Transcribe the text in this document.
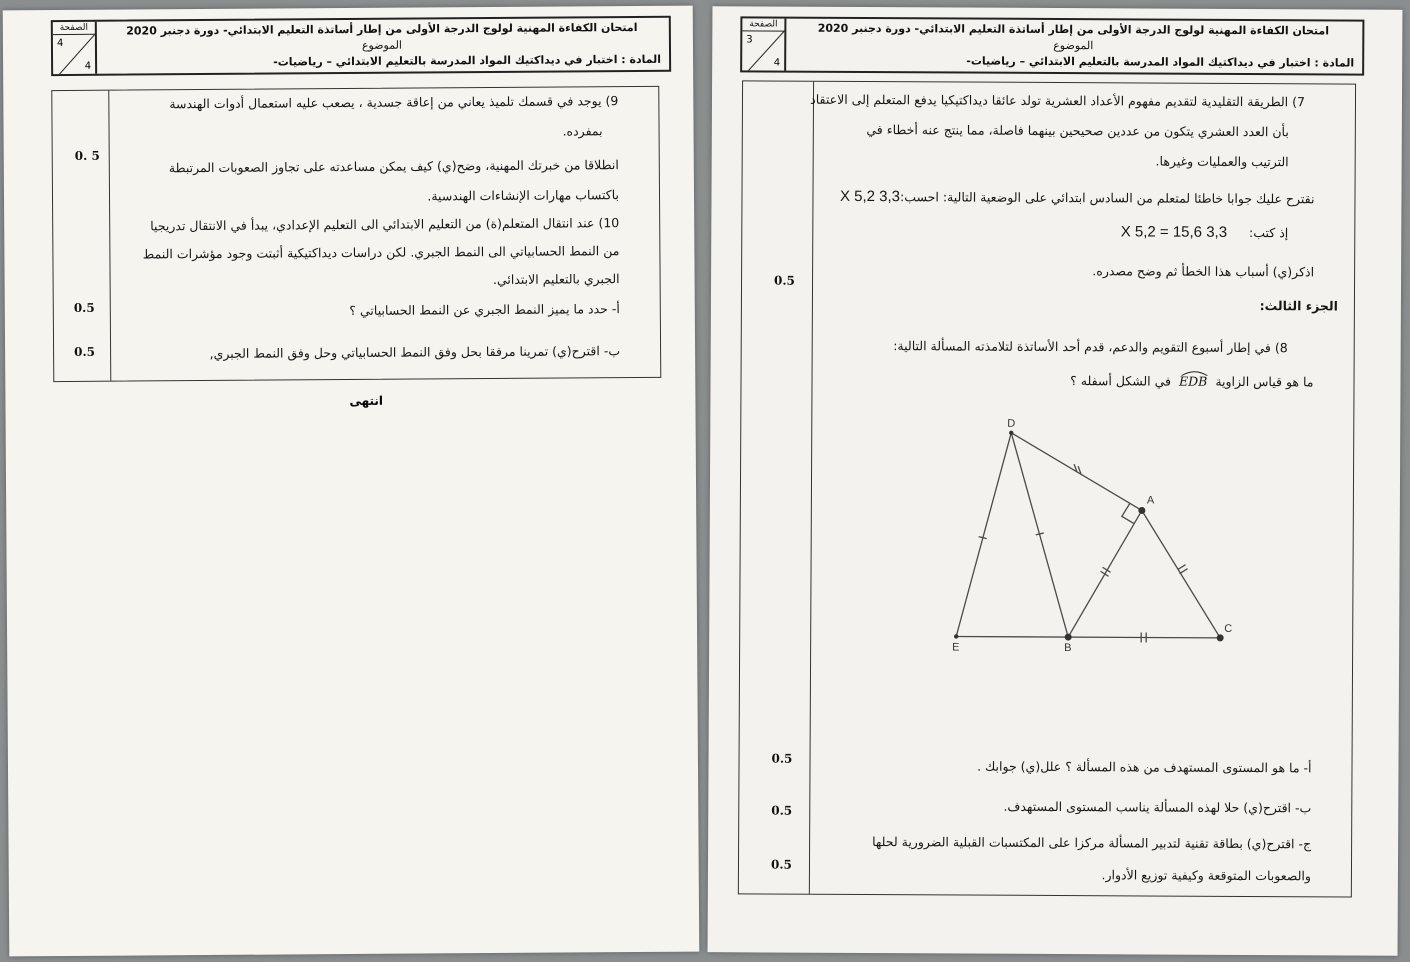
الصفحة
4
4
امتحان الكفاءة المهنية لولوج الدرجة الأولى من إطار أساتذة التعليم الابتدائي- دورة دجنبر 2020
الموضوع
المادة : اختبار في ديداكتيك المواد المدرسة بالتعليم الابتدائي – رياضيات-
0. 5
0.5
0.5
9) يوجد في قسمك تلميذ يعاني من إعاقة جسدية ، يصعب عليه استعمال أدوات الهندسة
بمفرده.
انطلاقا من خبرتك المهنية، وضح(ي) كيف يمكن مساعدته على تجاوز الصعوبات المرتبطة
باكتساب مهارات الإنشاءات الهندسية.
10) عند انتقال المتعلم(ة) من التعليم الابتدائي الى التعليم الإعدادي، يبدأ في الانتقال تدريجيا
من النمط الحسابياتي الى النمط الجبري. لكن دراسات ديداكتيكية أثبتت وجود مؤشرات النمط
الجبري بالتعليم الابتدائي.
أ- حدد ما يميز النمط الجبري عن النمط الحسابياتي ؟
ب- اقترح(ي) تمرينا مرفقا بحل وفق النمط الحسابياتي وحل وفق النمط الجبري,
انتهى
الصفحة
3
4
امتحان الكفاءة المهنية لولوج الدرجة الأولى من إطار أساتذة التعليم الابتدائي- دورة دجنبر 2020
الموضوع
المادة : اختبار في ديداكتيك المواد المدرسة بالتعليم الابتدائي – رياضيات-
0.5
0.5
0.5
0.5
7) الطريقة التقليدية لتقديم مفهوم الأعداد العشرية تولد عائقا ديداكتيكيا يدفع المتعلم إلى الاعتقاد
بأن العدد العشري يتكون من عددين صحيحين بينهما فاصلة، مما ينتج عنه أخطاء في
الترتيب والعمليات وغيرها.
نقترح عليك جوابا خاطئا لمتعلم من السادس ابتدائي على الوضعية التالية: احسب:3,3 X 5,2
إذ كتب: 3,3 X 5,2 = 15,6
اذكر(ي) أسباب هذا الخطأ ثم وضح مصدره.
الجزء الثالث:
8) في إطار أسبوع التقويم والدعم، قدم أحد الأساتذة لتلامذته المسألة التالية:
ما هو قياس الزاوية EDB
في الشكل أسفله ؟
D
A
E	B
C
أ- ما هو المستوى المستهدف من هذه المسألة ؟ علل(ي) جوابك .
ب- اقترح(ي) حلا لهذه المسألة يناسب المستوى المستهدف.
ج- اقترح(ي) بطاقة تقنية لتدبير المسألة مركزا على المكتسبات القبلية الضرورية لحلها
والصعوبات المتوقعة وكيفية توزيع الأدوار.
